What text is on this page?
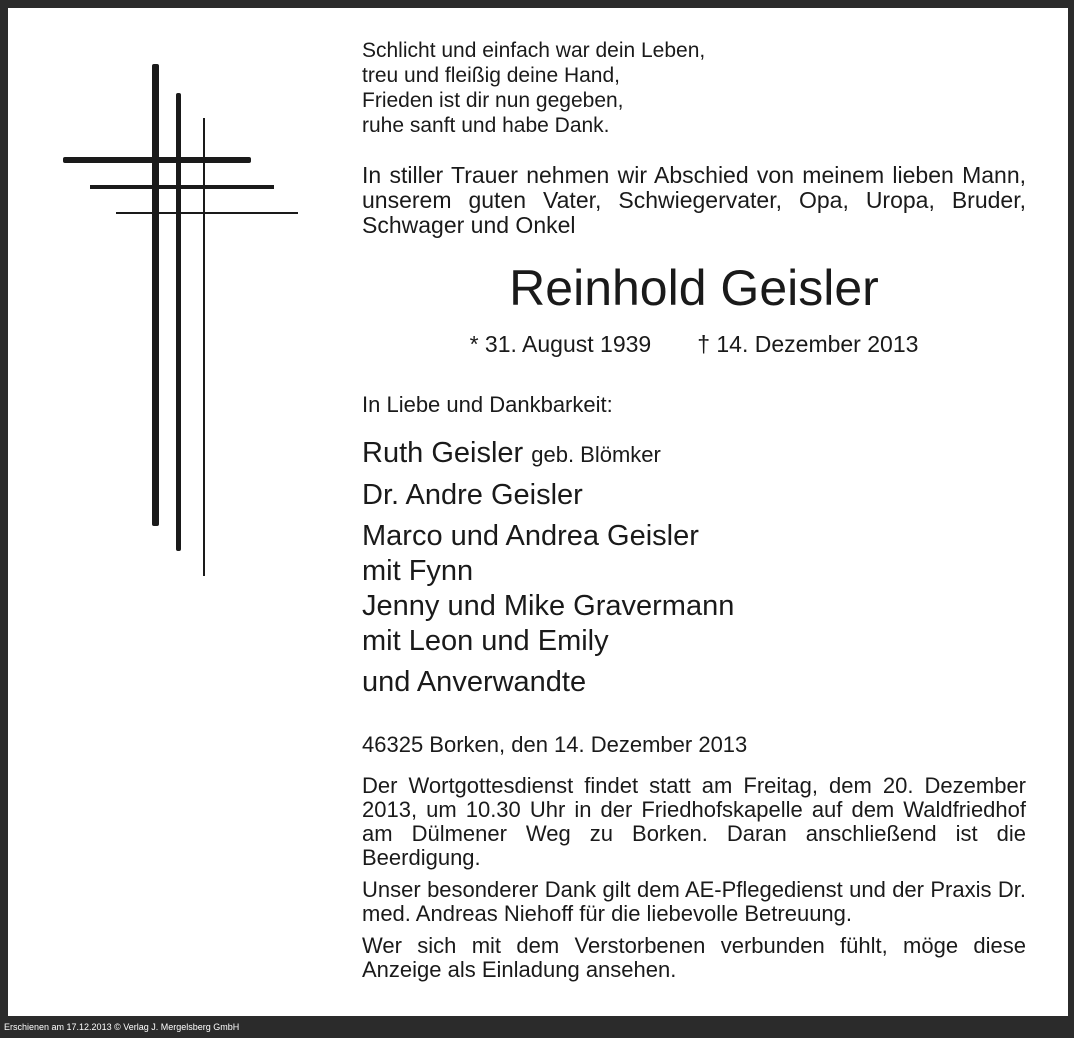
Schlicht und einfach war dein Leben,
treu und fleißig deine Hand,
Frieden ist dir nun gegeben,
ruhe sanft und habe Dank.

In stiller Trauer nehmen wir Abschied von meinem lieben Mann, unserem guten Vater, Schwiegervater, Opa, Uropa, Bruder, Schwager und Onkel

Reinhold Geisler
* 31. August 1939 † 14. Dezember 2013
In Liebe und Dankbarkeit:
Ruth Geisler geb. Blömker
Dr. Andre Geisler
Marco und Andrea Geisler
mit Fynn
Jenny und Mike Gravermann
mit Leon und Emily
und Anverwandte
46325 Borken, den 14. Dezember 2013

Der Wortgottesdienst findet statt am Freitag, dem 20. Dezember 2013, um 10.30 Uhr in der Friedhofskapelle auf dem Waldfriedhof am Dülmener Weg zu Borken. Daran anschließend ist die Beerdigung.

Unser besonderer Dank gilt dem AE-Pflegedienst und der Praxis Dr. med. Andreas Niehoff für die liebevolle Betreuung.

Wer sich mit dem Verstorbenen verbunden fühlt, möge diese Anzeige als Einladung ansehen.

Erschienen am 17.12.2013 © Verlag J. Mergelsberg GmbH
